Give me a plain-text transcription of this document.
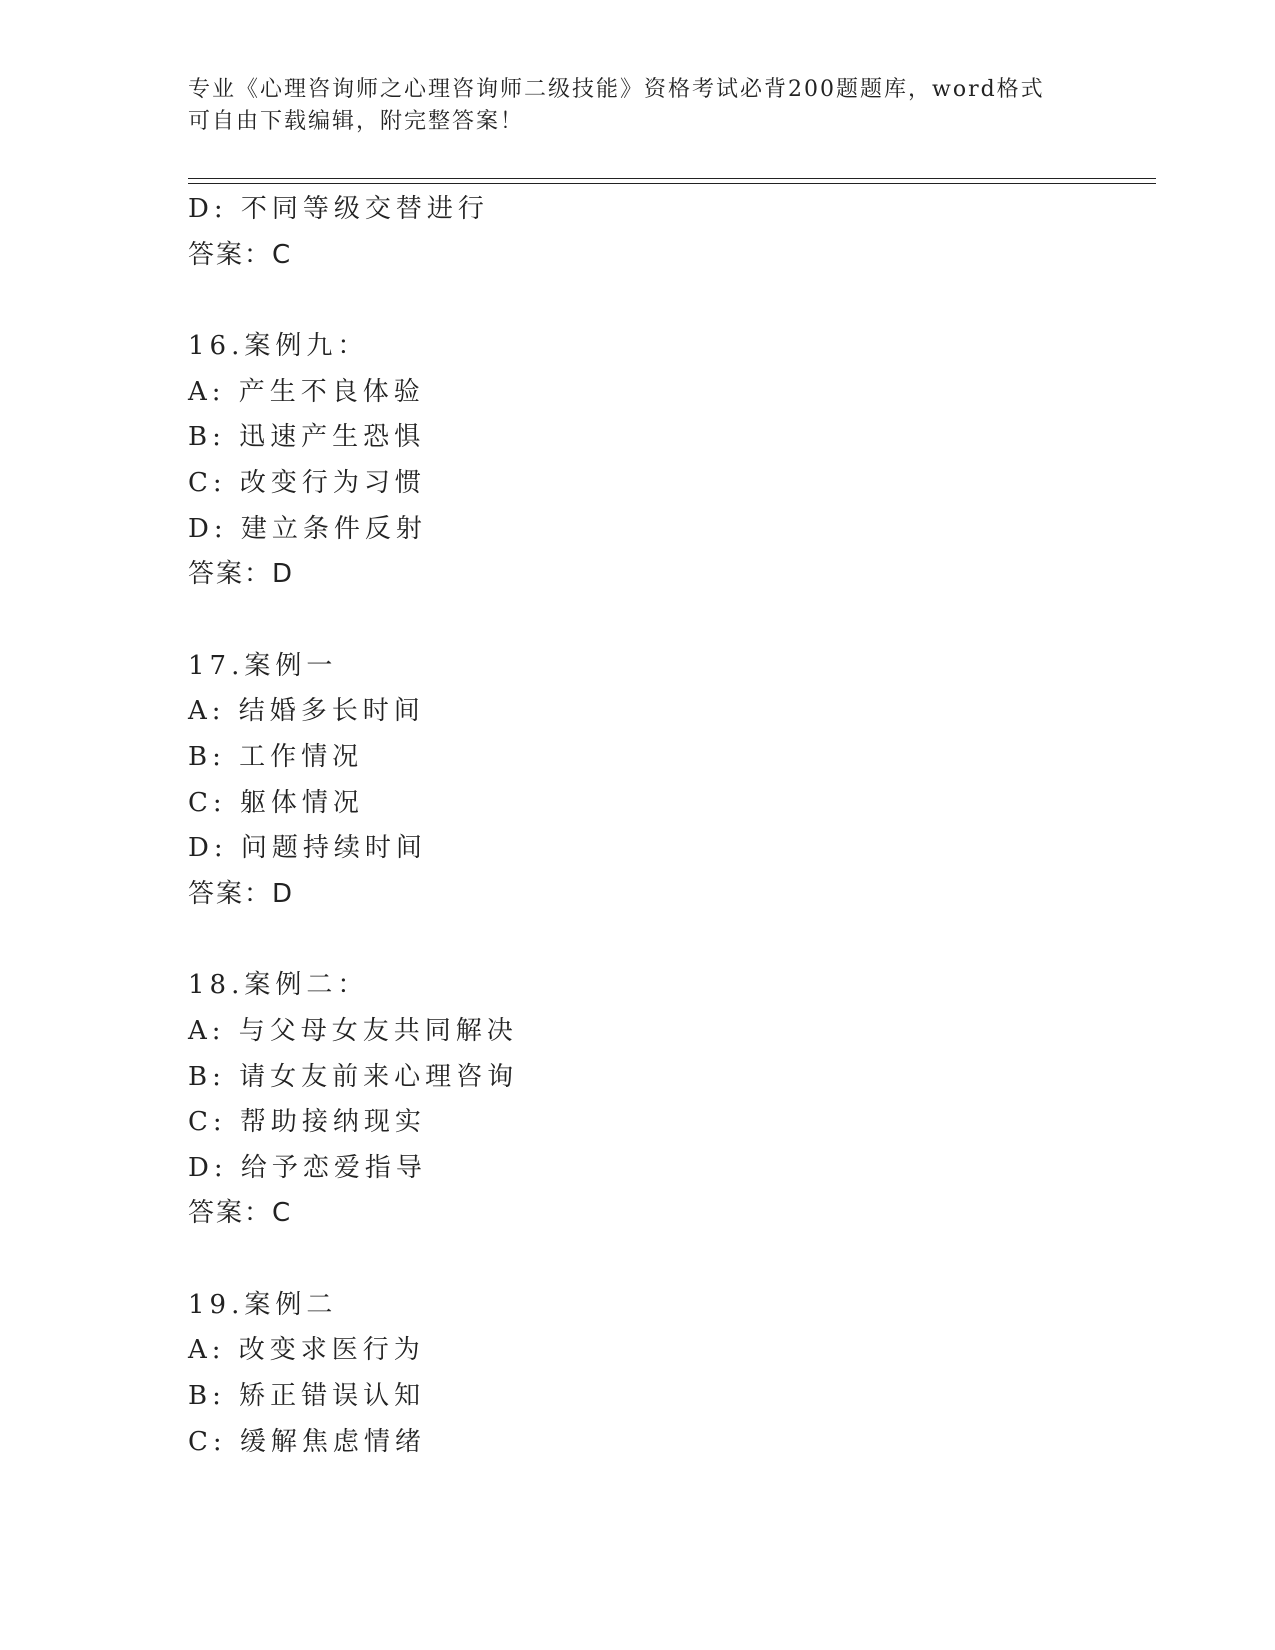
专业《心理咨询师之心理咨询师二级技能》资格考试必背200题题库，word格式
可自由下载编辑，附完整答案！
D: 不同等级交替进行
答案：C
16.案例九：
A: 产生不良体验
B: 迅速产生恐惧
C: 改变行为习惯
D: 建立条件反射
答案：D
17.案例一
A: 结婚多长时间
B: 工作情况
C: 躯体情况
D: 问题持续时间
答案：D
18.案例二：
A: 与父母女友共同解决
B: 请女友前来心理咨询
C: 帮助接纳现实
D: 给予恋爱指导
答案：C
19.案例二
A: 改变求医行为
B: 矫正错误认知
C: 缓解焦虑情绪
